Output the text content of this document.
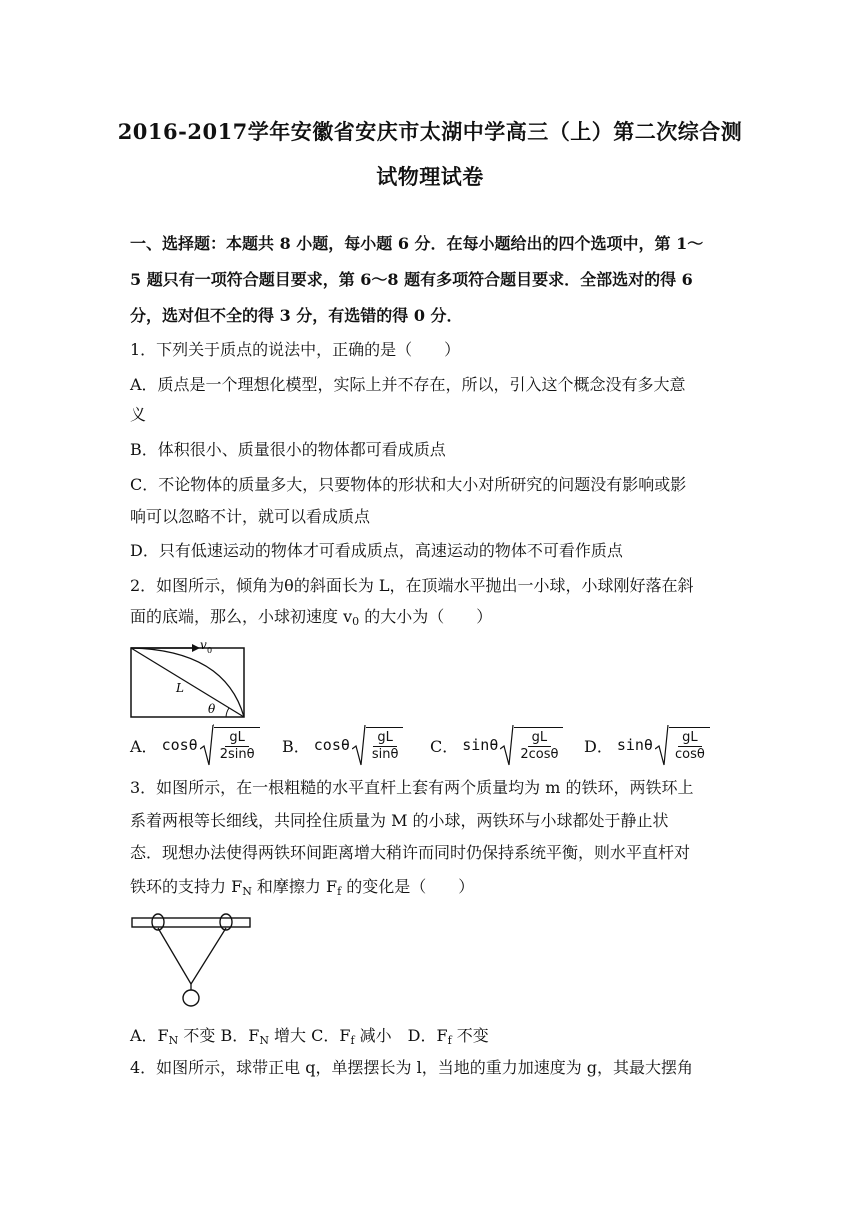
2016-2017学年安徽省安庆市太湖中学高三（上）第二次综合测
试物理试卷
一、选择题：本题共 8 小题，每小题 6 分．在每小题给出的四个选项中，第 1～
5 题只有一项符合题目要求，第 6～8 题有多项符合题目要求．全部选对的得 6
分，选对但不全的得 3 分，有选错的得 0 分．
1．下列关于质点的说法中，正确的是（　　）
A．质点是一个理想化模型，实际上并不存在，所以，引入这个概念没有多大意
义
B．体积很小、质量很小的物体都可看成质点
C．不论物体的质量多大，只要物体的形状和大小对所研究的问题没有影响或影
响可以忽略不计，就可以看成质点
D．只有低速运动的物体才可看成质点，高速运动的物体不可看作质点
2．如图所示，倾角为θ的斜面长为 L，在顶端水平抛出一小球，小球刚好落在斜
面的底端，那么，小球初速度 $v_0$ 的大小为（　　）
v 0
L
θ
A． cosθ $\frac{gL}{2\sin\theta}$ B． cosθ $\frac{gL}{\sin\theta}$ C． sinθ $\frac{gL}{2\cos\theta}$ D． sinθ $\frac{gL}{\cos\theta}$
3．如图所示，在一根粗糙的水平直杆上套有两个质量均为 m 的铁环，两铁环上
系着两根等长细线，共同拴住质量为 M 的小球，两铁环与小球都处于静止状
态．现想办法使得两铁环间距离增大稍许而同时仍保持系统平衡，则水平直杆对
铁环的支持力 $F_N$ 和摩擦力 $F_f$ 的变化是（　　）
A．$F_N$ 不变 B．$F_N$ 增大 C．$F_f$ 减小　D．$F_f$ 不变
4．如图所示，球带正电 q，单摆摆长为 l，当地的重力加速度为 g，其最大摆角
